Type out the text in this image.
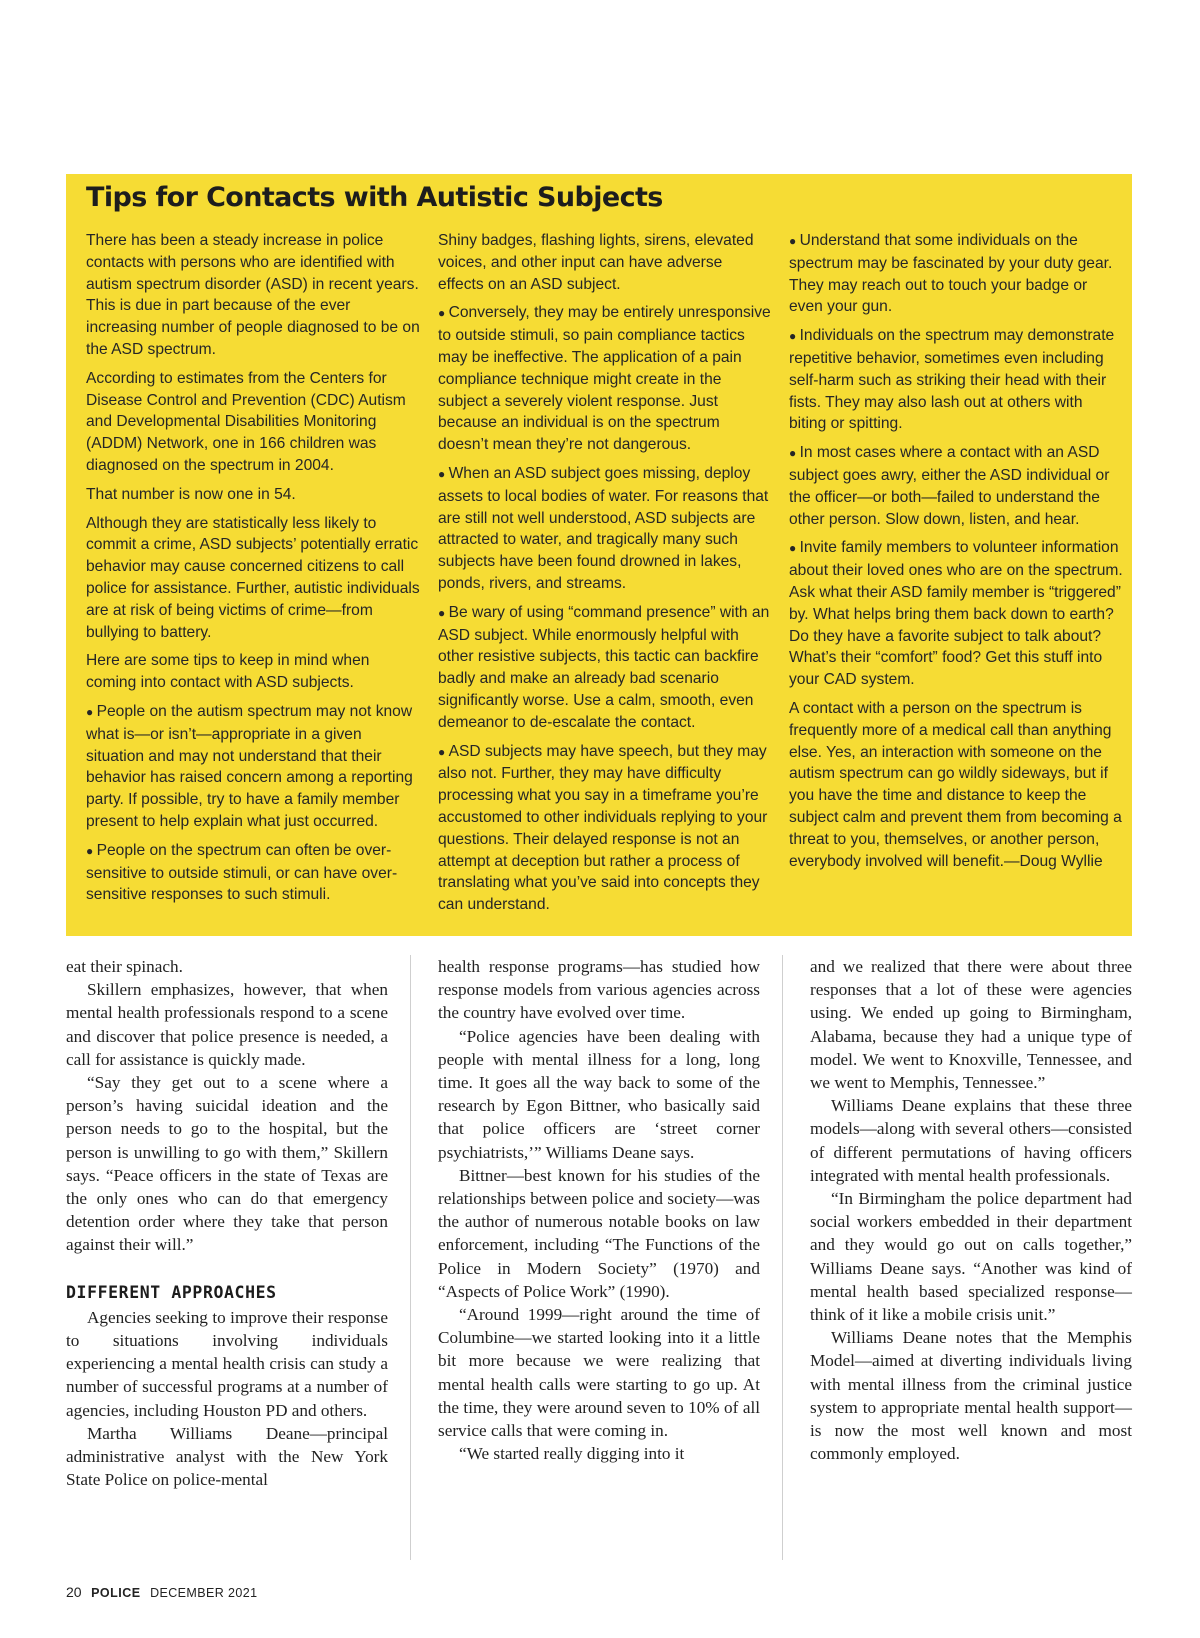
Tips for Contacts with Autistic Subjects

There has been a steady increase in police contacts with persons who are identified with autism spectrum disorder (ASD) in recent years. This is due in part because of the ever increasing number of people diagnosed to be on the ASD spectrum.

According to estimates from the Centers for Disease Control and Prevention (CDC) Autism and Developmental Disabilities Monitoring (ADDM) Network, one in 166 children was diagnosed on the spectrum in 2004.

That number is now one in 54.

Although they are statistically less likely to commit a crime, ASD subjects’ potentially erratic behavior may cause concerned citizens to call police for assistance. Further, autistic individuals are at risk of being victims of crime—from bullying to battery.

Here are some tips to keep in mind when coming into contact with ASD subjects.

● People on the autism spectrum may not know what is—or isn’t—appropriate in a given situation and may not understand that their behavior has raised concern among a reporting party. If possible, try to have a family member present to help explain what just occurred.

● People on the spectrum can often be over-sensitive to outside stimuli, or can have over-sensitive responses to such stimuli.

Shiny badges, flashing lights, sirens, elevated voices, and other input can have adverse effects on an ASD subject.

● Conversely, they may be entirely unresponsive to outside stimuli, so pain compliance tactics may be ineffective. The application of a pain compliance technique might create in the subject a severely violent response. Just because an individual is on the spectrum doesn’t mean they’re not dangerous.

● When an ASD subject goes missing, deploy assets to local bodies of water. For reasons that are still not well understood, ASD subjects are attracted to water, and tragically many such subjects have been found drowned in lakes, ponds, rivers, and streams.

● Be wary of using “command presence” with an ASD subject. While enormously helpful with other resistive subjects, this tactic can backfire badly and make an already bad scenario significantly worse. Use a calm, smooth, even demeanor to de-escalate the contact.

● ASD subjects may have speech, but they may also not. Further, they may have difficulty processing what you say in a timeframe you’re accustomed to other individuals replying to your questions. Their delayed response is not an attempt at deception but rather a process of translating what you’ve said into concepts they can understand.

● Understand that some individuals on the spectrum may be fascinated by your duty gear. They may reach out to touch your badge or even your gun.

● Individuals on the spectrum may demonstrate repetitive behavior, sometimes even including self-harm such as striking their head with their fists. They may also lash out at others with biting or spitting.

● In most cases where a contact with an ASD subject goes awry, either the ASD individual or the officer—or both—failed to understand the other person. Slow down, listen, and hear.

● Invite family members to volunteer information about their loved ones who are on the spectrum. Ask what their ASD family member is “triggered” by. What helps bring them back down to earth? Do they have a favorite subject to talk about? What’s their “comfort” food? Get this stuff into your CAD system.

A contact with a person on the spectrum is frequently more of a medical call than anything else. Yes, an interaction with someone on the autism spectrum can go wildly sideways, but if you have the time and distance to keep the subject calm and prevent them from becoming a threat to you, themselves, or another person, everybody involved will benefit.—Doug Wyllie

eat their spinach.

Skillern emphasizes, however, that when mental health professionals respond to a scene and discover that police presence is needed, a call for assistance is quickly made.

“Say they get out to a scene where a person’s having suicidal ideation and the person needs to go to the hospital, but the person is unwilling to go with them,” Skillern says. “Peace officers in the state of Texas are the only ones who can do that emergency detention order where they take that person against their will.”

DIFFERENT APPROACHES

Agencies seeking to improve their response to situations involving individuals experiencing a mental health crisis can study a number of successful programs at a number of agencies, including Houston PD and others.

Martha Williams Deane—principal administrative analyst with the New York State Police on police-mental

health response programs—has studied how response models from various agencies across the country have evolved over time.

“Police agencies have been dealing with people with mental illness for a long, long time. It goes all the way back to some of the research by Egon Bittner, who basically said that police officers are ‘street corner psychiatrists,’” Williams Deane says.

Bittner—best known for his studies of the relationships between police and society—was the author of numerous notable books on law enforcement, including “The Functions of the Police in Modern Society” (1970) and “Aspects of Police Work” (1990).

“Around 1999—right around the time of Columbine—we started looking into it a little bit more because we were realizing that mental health calls were starting to go up. At the time, they were around seven to 10% of all service calls that were coming in.

“We started really digging into it

and we realized that there were about three responses that a lot of these were agencies using. We ended up going to Birmingham, Alabama, because they had a unique type of model. We went to Knoxville, Tennessee, and we went to Memphis, Tennessee.”

Williams Deane explains that these three models—along with several others—consisted of different permutations of having officers integrated with mental health professionals.

“In Birmingham the police department had social workers embedded in their department and they would go out on calls together,” Williams Deane says. “Another was kind of mental health based specialized response—think of it like a mobile crisis unit.”

Williams Deane notes that the Memphis Model—aimed at diverting individuals living with mental illness from the criminal justice system to appropriate mental health support—is now the most well known and most commonly employed.

20 POLICE DECEMBER 2021
